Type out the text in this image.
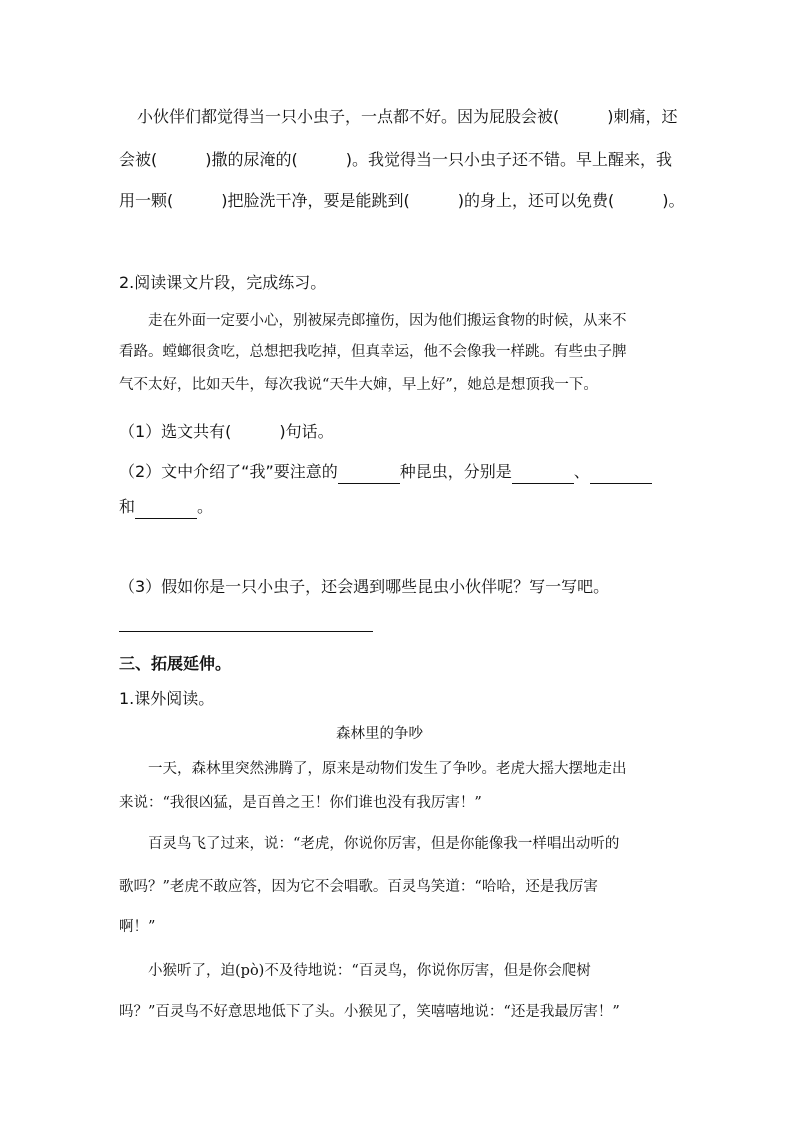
小伙伴们都觉得当一只小虫子，一点都不好。因为屁股会被(　　　)刺痛，还
会被(　　　)撒的尿淹的(　　　)。我觉得当一只小虫子还不错。早上醒来，我
用一颗(　　　)把脸洗干净，要是能跳到(　　　)的身上，还可以免费(　　　)。
2.阅读课文片段，完成练习。
走在外面一定要小心，别被屎壳郎撞伤，因为他们搬运食物的时候，从来不
看路。螳螂很贪吃，总想把我吃掉，但真幸运，他不会像我一样跳。有些虫子脾
气不太好，比如天牛，每次我说“天牛大婶，早上好”，她总是想顶我一下。
（1）选文共有(　　　)句话。
（2）文中介绍了“我”要注意的	种昆虫，分别是	、
和	。
（3）假如你是一只小虫子，还会遇到哪些昆虫小伙伴呢？写一写吧。
三、拓展延伸。
1.课外阅读。
森林里的争吵
一天，森林里突然沸腾了，原来是动物们发生了争吵。老虎大摇大摆地走出
来说：“我很凶猛，是百兽之王！你们谁也没有我厉害！”
百灵鸟飞了过来，说：“老虎，你说你厉害，但是你能像我一样唱出动听的
歌吗？”老虎不敢应答，因为它不会唱歌。百灵鸟笑道：“哈哈，还是我厉害
啊！”
小猴听了，迫(pò)不及待地说：“百灵鸟，你说你厉害，但是你会爬树
吗？”百灵鸟不好意思地低下了头。小猴见了，笑嘻嘻地说：“还是我最厉害！”
